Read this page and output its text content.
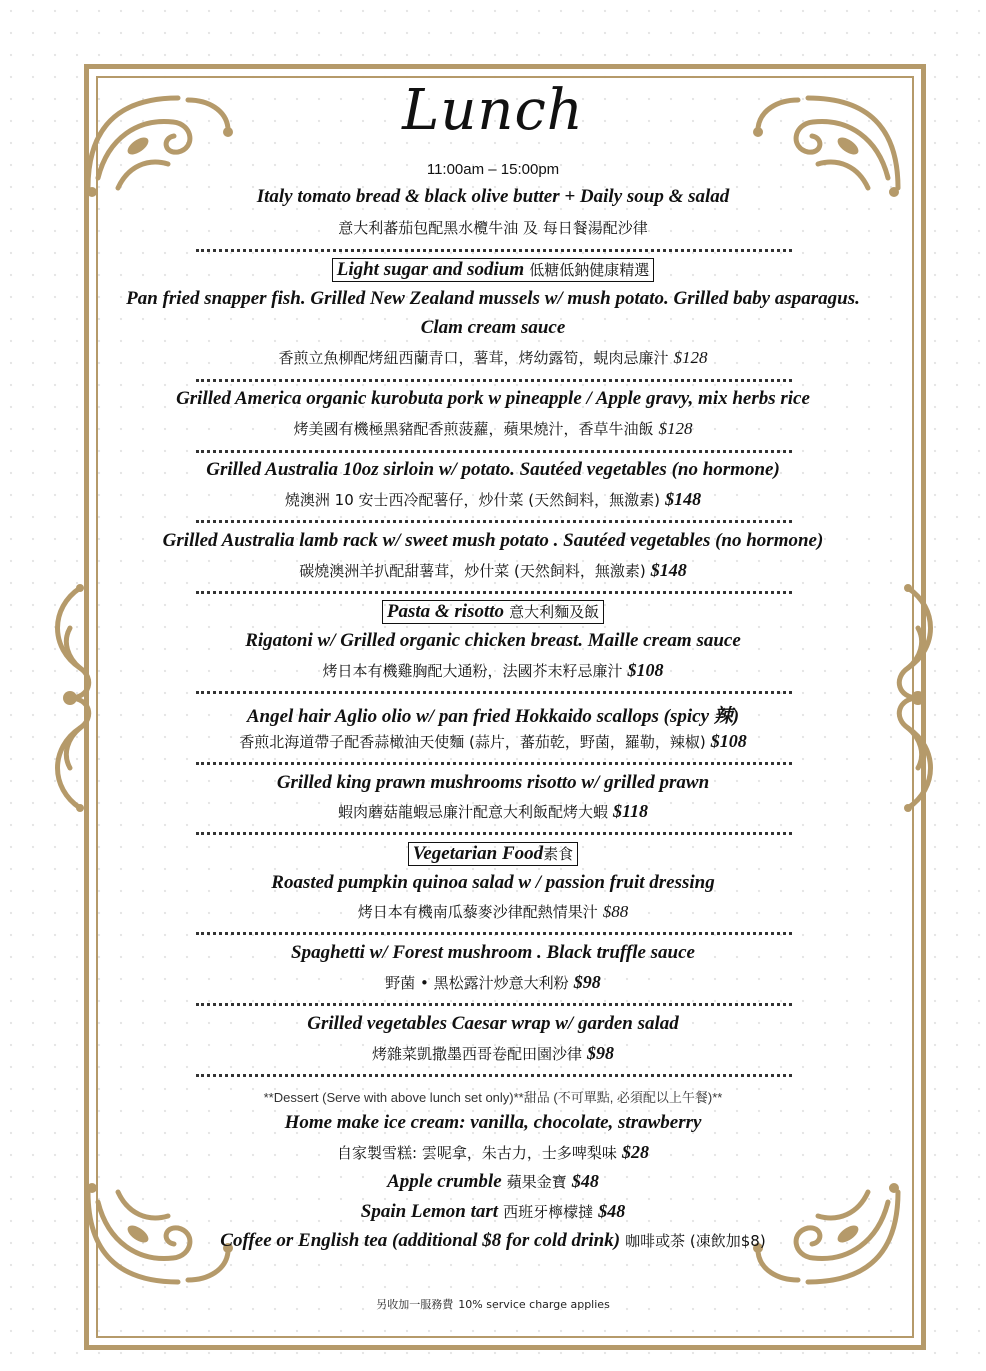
Lunch
11:00am – 15:00pm
Italy tomato bread & black olive butter + Daily soup & salad
意大利蕃茄包配黑水欖牛油 及 每日餐湯配沙律
Light sugar and sodium 低糖低鈉健康精選
Pan fried snapper fish. Grilled New Zealand mussels w/ mush potato. Grilled baby asparagus.
Clam cream sauce
香煎立魚柳配烤紐西蘭青口，薯茸，烤幼露筍，蜆肉忌廉汁 $128
Grilled America organic kurobuta pork w pineapple / Apple gravy, mix herbs rice
烤美國有機極黑豬配香煎菠蘿，蘋果燒汁，香草牛油飯 $128
Grilled Australia 10oz sirloin w/ potato. Sautéed vegetables (no hormone)
燒澳洲 10 安士西冷配薯仔，炒什菜 (天然飼料，無激素) $148
Grilled Australia lamb rack w/ sweet mush potato . Sautéed vegetables (no hormone)
碳燒澳洲羊扒配甜薯茸，炒什菜 (天然飼料，無激素) $148
Pasta & risotto 意大利麵及飯
Rigatoni w/ Grilled organic chicken breast. Maille cream sauce
烤日本有機雞胸配大通粉，法國芥末籽忌廉汁 $108
Angel hair Aglio olio w/ pan fried Hokkaido scallops (spicy 辣)
香煎北海道帶子配香蒜橄油天使麵 (蒜片，蕃茄乾，野菌，羅勒，辣椒) $108
Grilled king prawn mushrooms risotto w/ grilled prawn
蝦肉蘑菇龍蝦忌廉汁配意大利飯配烤大蝦 $118
Vegetarian Food素食
Roasted pumpkin quinoa salad w / passion fruit dressing
烤日本有機南瓜藜麥沙律配熱情果汁 $88
Spaghetti w/ Forest mushroom . Black truffle sauce
野菌 • 黑松露汁炒意大利粉 $98
Grilled vegetables Caesar wrap w/ garden salad
烤雜菜凱撒墨西哥卷配田園沙律 $98
**Dessert (Serve with above lunch set only)**甜品 (不可單點, 必須配以上午餐)**
Home make ice cream: vanilla, chocolate, strawberry
自家製雪糕: 雲呢拿，朱古力，士多啤梨味 $28
Apple crumble 蘋果金寶 $48
Spain Lemon tart 西班牙檸檬撻 $48
Coffee or English tea (additional $8 for cold drink) 咖啡或茶 (凍飲加$8)
另收加一服務費 10% service charge applies
